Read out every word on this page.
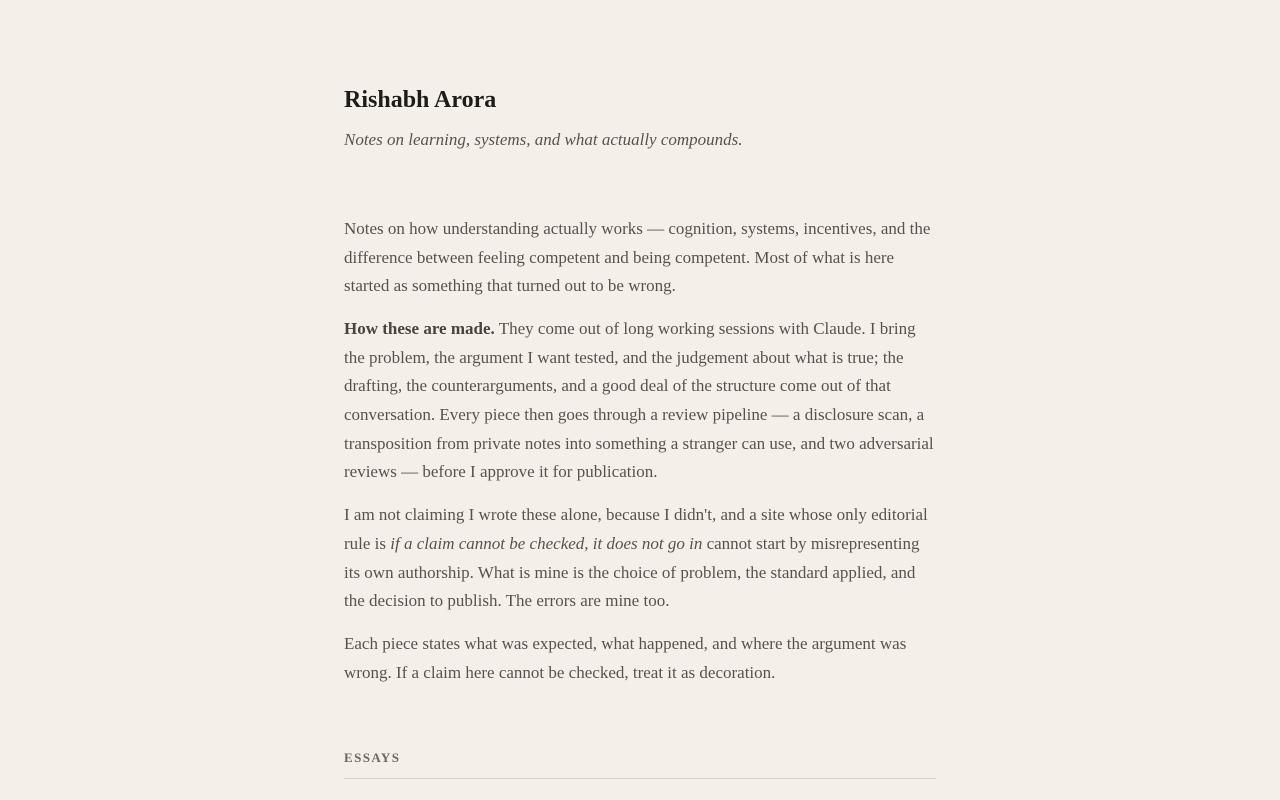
Rishabh Arora

Notes on learning, systems, and what actually compounds.

Notes on how understanding actually works — cognition, systems, incentives, and the difference between feeling competent and being competent. Most of what is here started as something that turned out to be wrong.

How these are made. They come out of long working sessions with Claude. I bring the problem, the argument I want tested, and the judgement about what is true; the drafting, the counterarguments, and a good deal of the structure come out of that conversation. Every piece then goes through a review pipeline — a disclosure scan, a transposition from private notes into something a stranger can use, and two adversarial reviews — before I approve it for publication.

I am not claiming I wrote these alone, because I didn't, and a site whose only editorial rule is if a claim cannot be checked, it does not go in cannot start by misrepresenting its own authorship. What is mine is the choice of problem, the standard applied, and the decision to publish. The errors are mine too.

Each piece states what was expected, what happened, and where the argument was wrong. If a claim here cannot be checked, treat it as decoration.

ESSAYS
